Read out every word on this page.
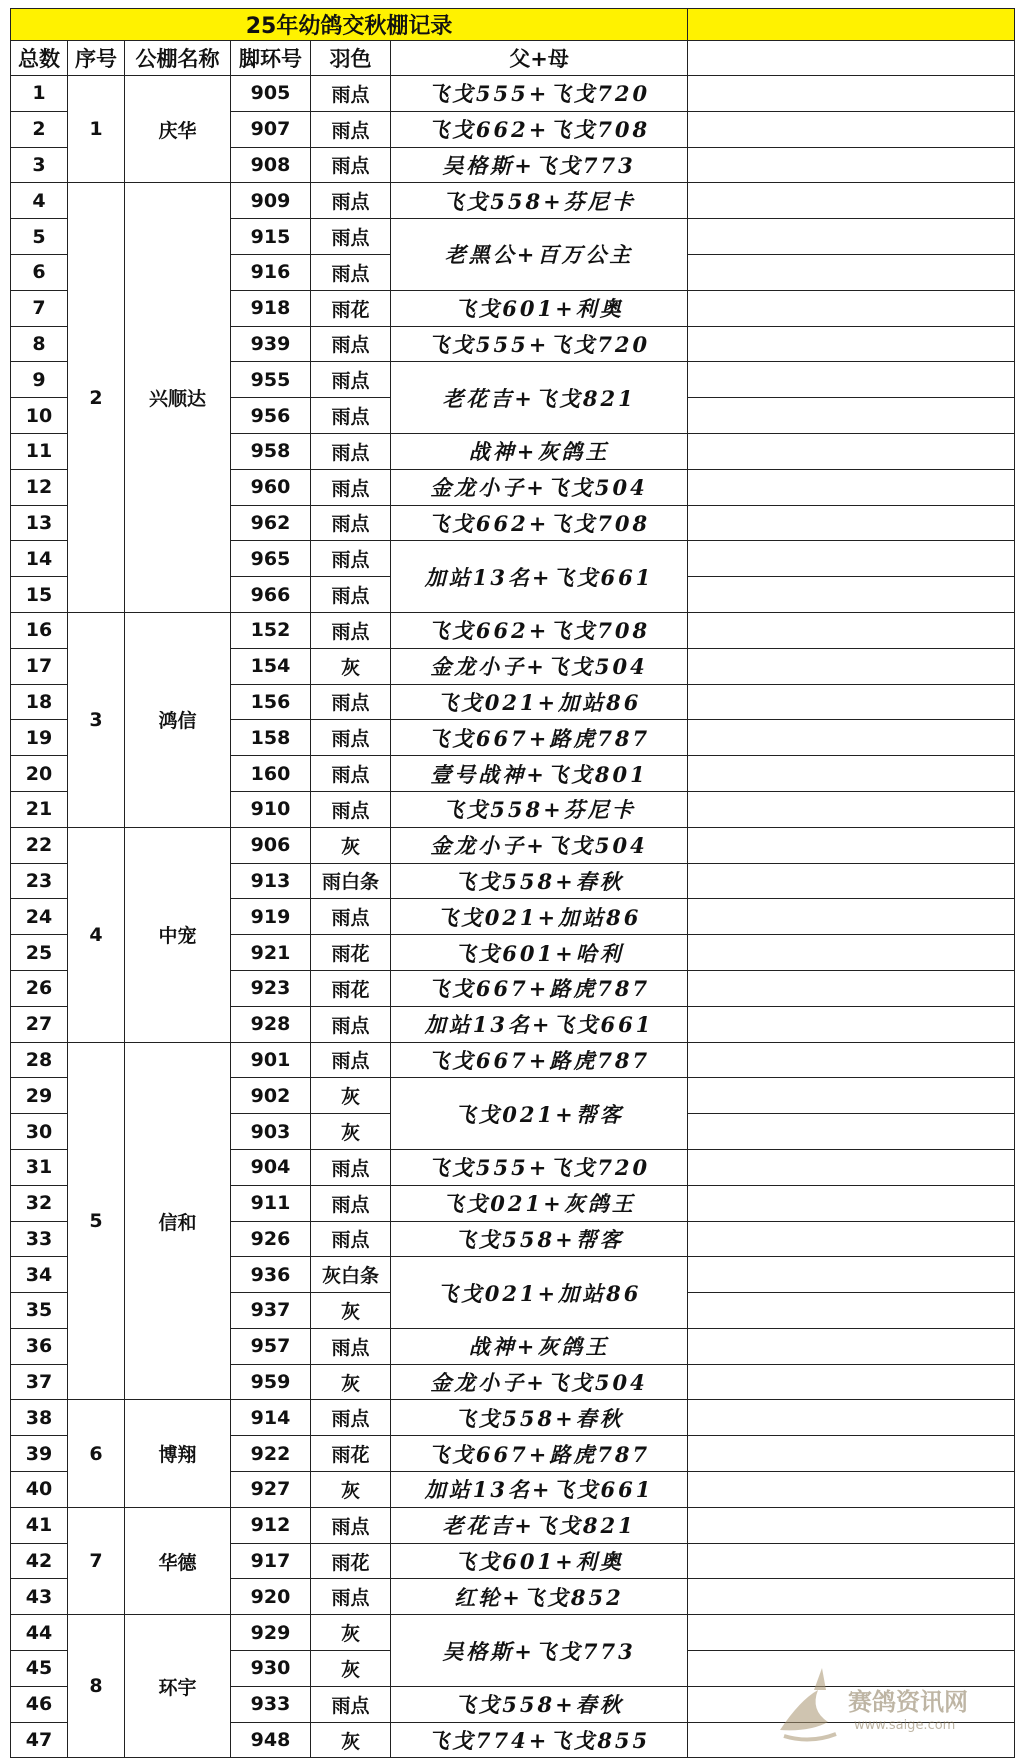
25年幼鸽交秋棚记录						
总数	序号	公棚名称	脚环号	羽色	父+母	
1	1	庆华	905	雨点	飞戈555+飞戈720	
2			907	雨点	飞戈662+飞戈708	
3			908	雨点	吴格斯+飞戈773	
4	2	兴顺达	909	雨点	飞戈558+芬尼卡	
5			915	雨点	老黑公+百万公主	
6			916	雨点		
7			918	雨花	飞戈601+利奥	
8			939	雨点	飞戈555+飞戈720	
9			955	雨点	老花吉+飞戈821	
10			956	雨点		
11			958	雨点	战神+灰鸽王	
12			960	雨点	金龙小子+飞戈504	
13			962	雨点	飞戈662+飞戈708	
14			965	雨点	加站13名+飞戈661	
15			966	雨点		
16	3	鸿信	152	雨点	飞戈662+飞戈708	
17			154	灰	金龙小子+飞戈504	
18			156	雨点	飞戈021+加站86	
19			158	雨点	飞戈667+路虎787	
20			160	雨点	壹号战神+飞戈801	
21			910	雨点	飞戈558+芬尼卡	
22	4	中宠	906	灰	金龙小子+飞戈504	
23			913	雨白条	飞戈558+春秋	
24			919	雨点	飞戈021+加站86	
25			921	雨花	飞戈601+哈利	
26			923	雨花	飞戈667+路虎787	
27			928	雨点	加站13名+飞戈661	
28	5	信和	901	雨点	飞戈667+路虎787	
29			902	灰	飞戈021+帮客	
30			903	灰		
31			904	雨点	飞戈555+飞戈720	
32			911	雨点	飞戈021+灰鸽王	
33			926	雨点	飞戈558+帮客	
34			936	灰白条	飞戈021+加站86	
35			937	灰		
36			957	雨点	战神+灰鸽王	
37			959	灰	金龙小子+飞戈504	
38	6	博翔	914	雨点	飞戈558+春秋	
39			922	雨花	飞戈667+路虎787	
40			927	灰	加站13名+飞戈661	
41	7	华德	912	雨点	老花吉+飞戈821	
42			917	雨花	飞戈601+利奥	
43			920	雨点	红轮+飞戈852	
44	8	环宇	929	灰	吴格斯+飞戈773	
45			930	灰		
46			933	雨点	飞戈558+春秋	
47			948	灰	飞戈774+飞戈855	
赛鸽资讯网
www.saige.com
